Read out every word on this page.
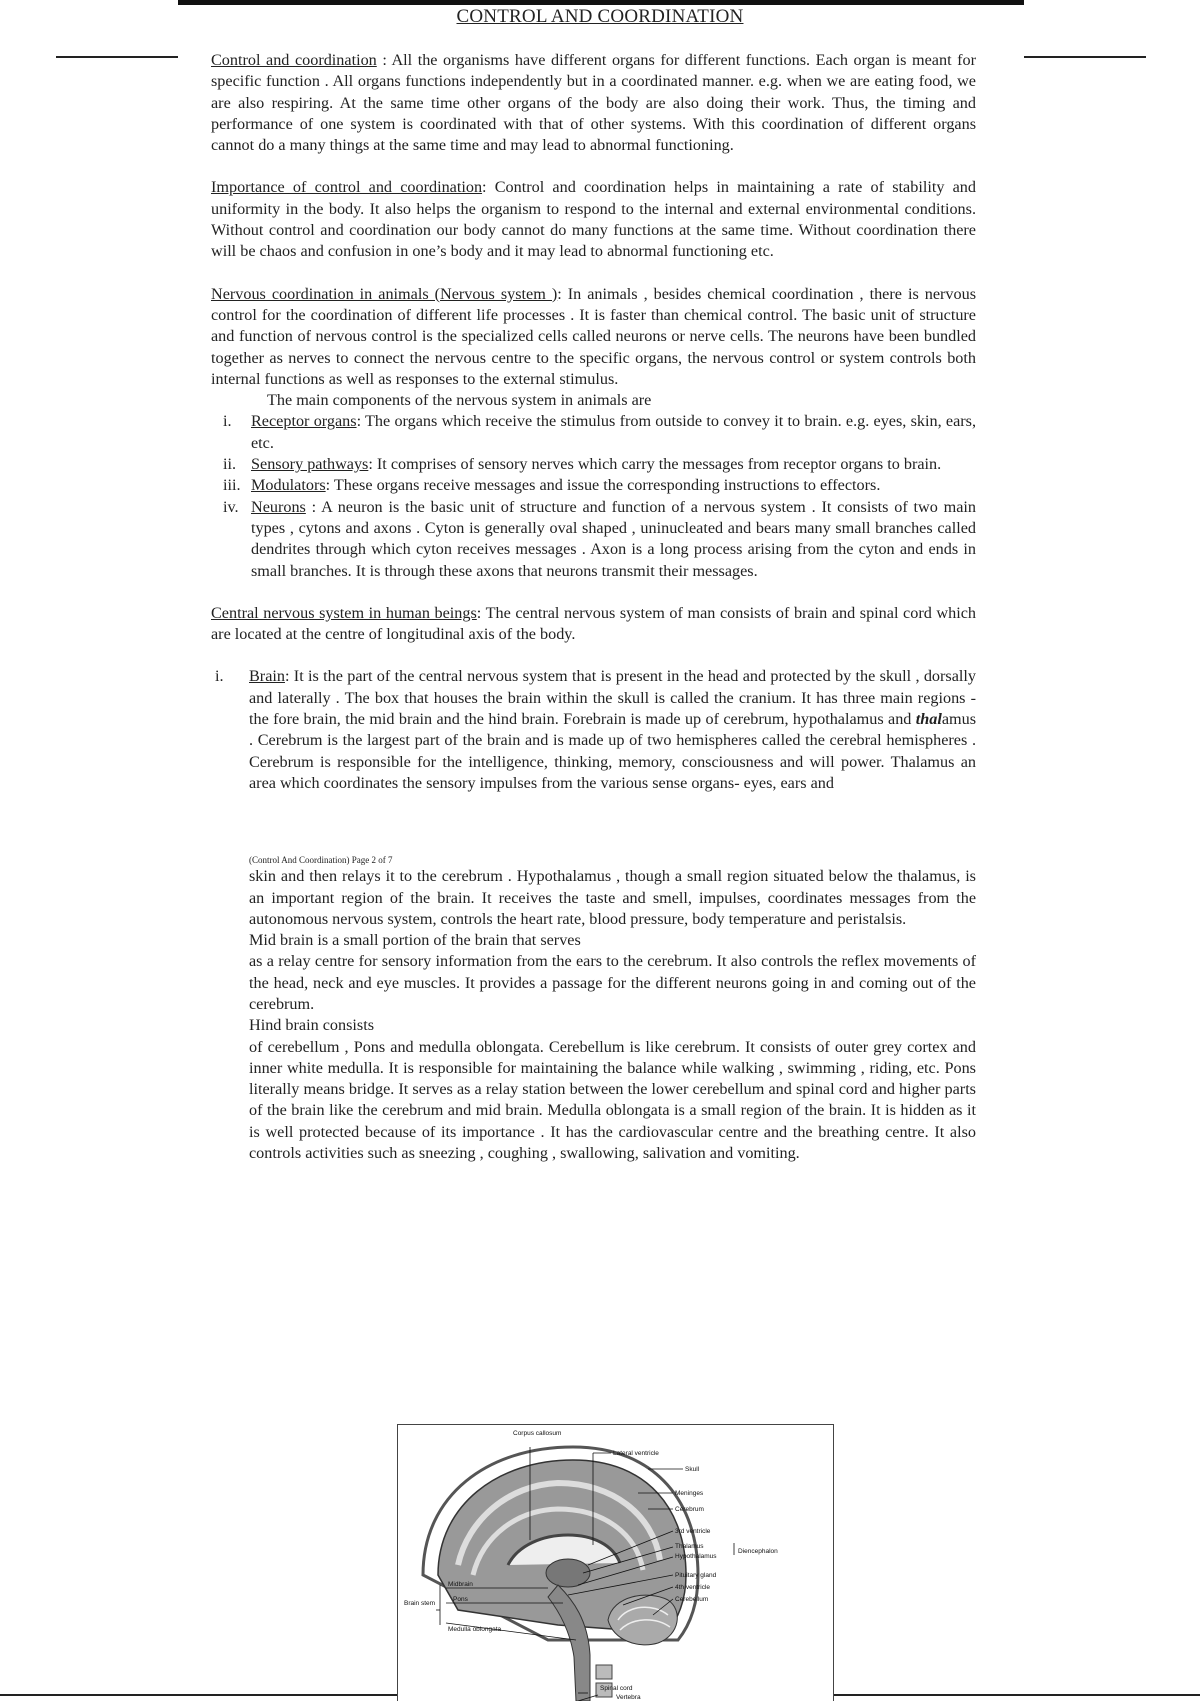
CONTROL AND COORDINATION

Control and coordination : All the organisms have different organs for different functions. Each organ is meant for specific function . All organs functions independently but in a coordinated manner. e.g. when we are eating food, we are also respiring. At the same time other organs of the body are also doing their work. Thus, the timing and performance of one system is coordinated with that of other systems. With this coordination of different organs cannot do a many things at the same time and may lead to abnormal functioning.

Importance of control and coordination: Control and coordination helps in maintaining a rate of stability and uniformity in the body. It also helps the organism to respond to the internal and external environmental conditions. Without control and coordination our body cannot do many functions at the same time. Without coordination there will be chaos and confusion in one’s body and it may lead to abnormal functioning etc.

Nervous coordination in animals (Nervous system ): In animals , besides chemical coordination , there is nervous control for the coordination of different life processes . It is faster than chemical control. The basic unit of structure and function of nervous control is the specialized cells called neurons or nerve cells. The neurons have been bundled together as nerves to connect the nervous centre to the specific organs, the nervous control or system controls both internal functions as well as responses to the external stimulus.

The main components of the nervous system in animals are

i.	Receptor organs: The organs which receive the stimulus from outside to convey it to brain. e.g. eyes, skin, ears, etc.
ii. Sensory pathways: It comprises of sensory nerves which carry the messages from receptor organs to brain.
iii. Modulators: These organs receive messages and issue the corresponding instructions to effectors.
iv. Neurons : A neuron is the basic unit of structure and function of a nervous system . It consists of two main types , cytons and axons . Cyton is generally oval shaped , uninucleated and bears many small branches called dendrites through which cyton receives messages . Axon is a long process arising from the cyton and ends in small branches. It is through these axons that neurons transmit their messages.

Central nervous system in human beings: The central nervous system of man consists of brain and spinal cord which are located at the centre of longitudinal axis of the body.

i.	Brain: It is the part of the central nervous system that is present in the head and protected by the skull , dorsally and laterally . The box that houses the brain within the skull is called the cranium. It has three main regions - the fore brain, the mid brain and the hind brain. Forebrain is made up of cerebrum, hypothalamus and thalamus . Cerebrum is the largest part of the brain and is made up of two hemispheres called the cerebral hemispheres . Cerebrum is responsible for the intelligence, thinking, memory, consciousness and will power. Thalamus an area which coordinates the sensory impulses from the various sense organs- eyes, ears and
(Control And Coordination) Page 2 of 7

skin and then relays it to the cerebrum . Hypothalamus , though a small region situated below the thalamus, is an important region of the brain. It receives the taste and smell, impulses, coordinates messages from the autonomous nervous system, controls the heart rate, blood pressure, body temperature and peristalsis.

Mid brain is a small portion of the brain that serves

as a relay centre for sensory information from the ears to the cerebrum. It also controls the reflex movements of the head, neck and eye muscles. It provides a passage for the different neurons going in and coming out of the cerebrum.

Hind brain consists

of cerebellum , Pons and medulla oblongata. Cerebellum is like cerebrum. It consists of outer grey cortex and inner white medulla. It is responsible for maintaining the balance while walking , swimming , riding, etc. Pons literally means bridge. It serves as a relay station between the lower cerebellum and spinal cord and higher parts of the brain like the cerebrum and mid brain. Medulla oblongata is a small region of the brain. It is hidden as it is well protected because of its importance . It has the cardiovascular centre and the breathing centre. It also controls activities such as sneezing , coughing , swallowing, salivation and vomiting.

Corpus callosum
Lateral ventricle
Skull
Meninges
Cerebrum
3rd ventricle
Thalamus
Hypothalamus
Diencephalon
Pituitary gland
4th ventricle
Cerebellum
Midbrain
Pons
Brain stem
Medulla oblongata
Spinal cord
Vertebra
